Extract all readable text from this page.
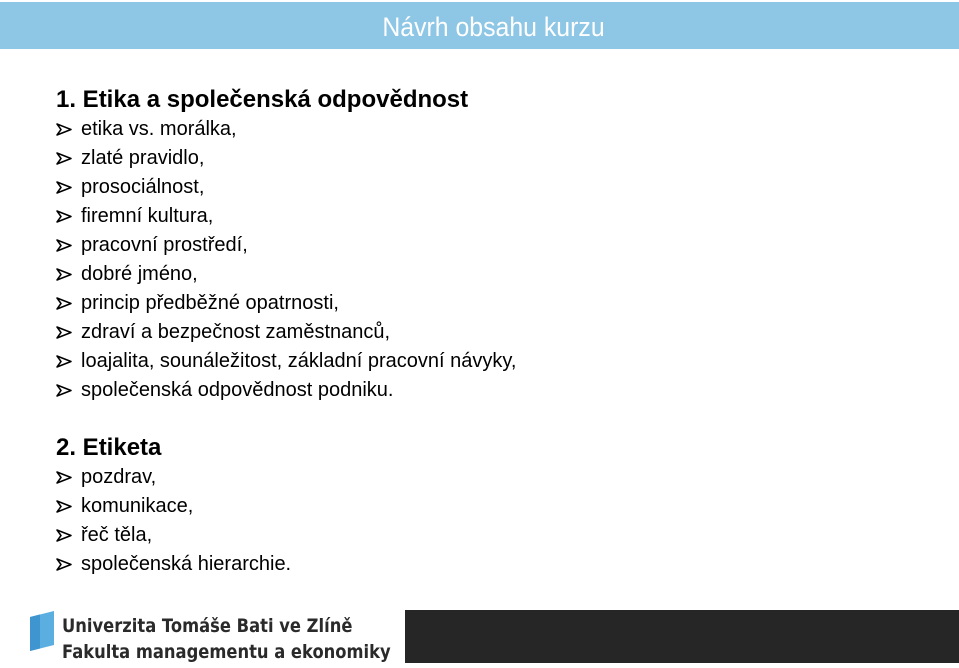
Návrh obsahu kurzu
1. Etika a společenská odpovědnost
etika vs. morálka,
zlaté pravidlo,
prosociálnost,
firemní kultura,
pracovní prostředí,
dobré jméno,
princip předběžné opatrnosti,
zdraví a bezpečnost zaměstnanců,
loajalita, sounáležitost, základní pracovní návyky,
společenská odpovědnost podniku.
2. Etiketa
pozdrav,
komunikace,
řeč těla,
společenská hierarchie.
Univerzita Tomáše Bati ve Zlíně
Fakulta managementu a ekonomiky
